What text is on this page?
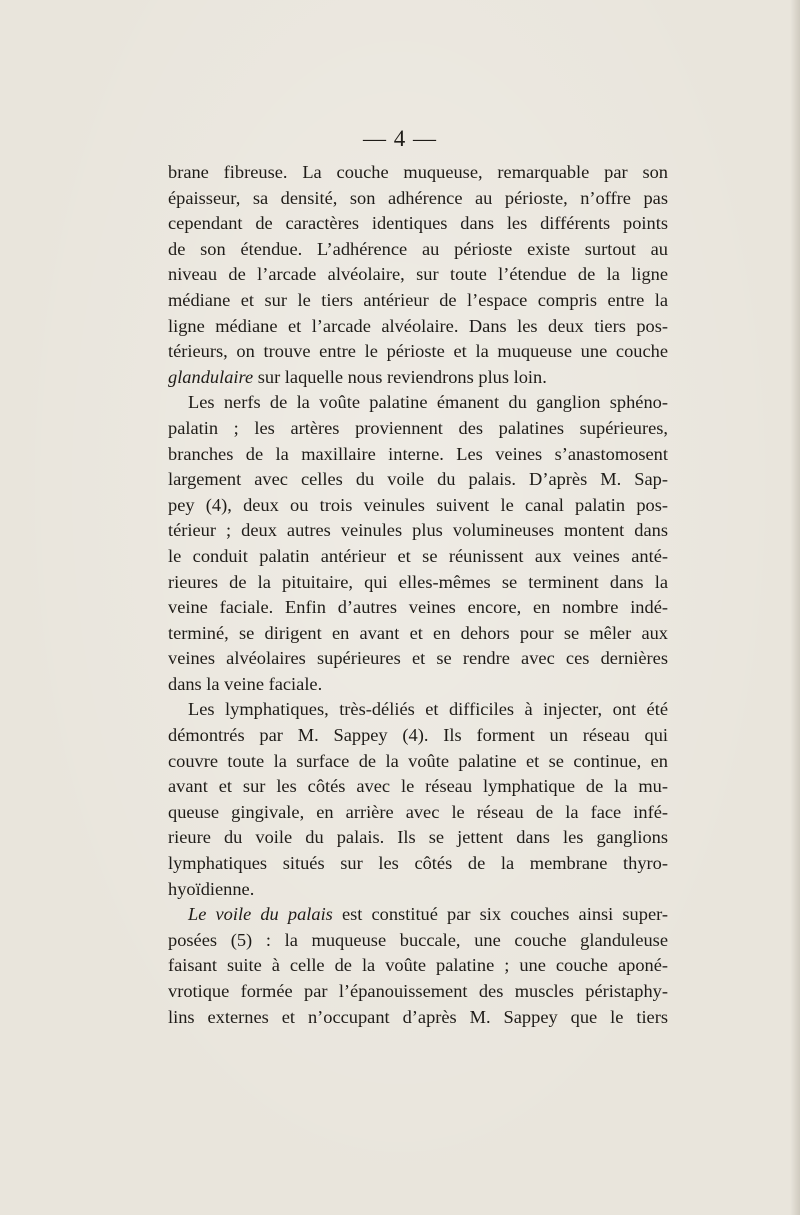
— 4 —
brane fibreuse. La couche muqueuse, remarquable par son
épaisseur, sa densité, son adhérence au périoste, n’offre pas
cependant de caractères identiques dans les différents points
de son étendue. L’adhérence au périoste existe surtout au
niveau de l’arcade alvéolaire, sur toute l’étendue de la ligne
médiane et sur le tiers antérieur de l’espace compris entre la
ligne médiane et l’arcade alvéolaire. Dans les deux tiers pos-
térieurs, on trouve entre le périoste et la muqueuse une couche
glandulaire sur laquelle nous reviendrons plus loin.
Les nerfs de la voûte palatine émanent du ganglion sphéno-
palatin ; les artères proviennent des palatines supérieures,
branches de la maxillaire interne. Les veines s’anastomosent
largement avec celles du voile du palais. D’après M. Sap-
pey (4), deux ou trois veinules suivent le canal palatin pos-
térieur ; deux autres veinules plus volumineuses montent dans
le conduit palatin antérieur et se réunissent aux veines anté-
rieures de la pituitaire, qui elles-mêmes se terminent dans la
veine faciale. Enfin d’autres veines encore, en nombre indé-
terminé, se dirigent en avant et en dehors pour se mêler aux
veines alvéolaires supérieures et se rendre avec ces dernières
dans la veine faciale.
Les lymphatiques, très-déliés et difficiles à injecter, ont été
démontrés par M. Sappey (4). Ils forment un réseau qui
couvre toute la surface de la voûte palatine et se continue, en
avant et sur les côtés avec le réseau lymphatique de la mu-
queuse gingivale, en arrière avec le réseau de la face infé-
rieure du voile du palais. Ils se jettent dans les ganglions
lymphatiques situés sur les côtés de la membrane thyro-
hyoïdienne.
Le voile du palais est constitué par six couches ainsi super-
posées (5) : la muqueuse buccale, une couche glanduleuse
faisant suite à celle de la voûte palatine ; une couche aponé-
vrotique formée par l’épanouissement des muscles péristaphy-
lins externes et n’occupant d’après M. Sappey que le tiers
